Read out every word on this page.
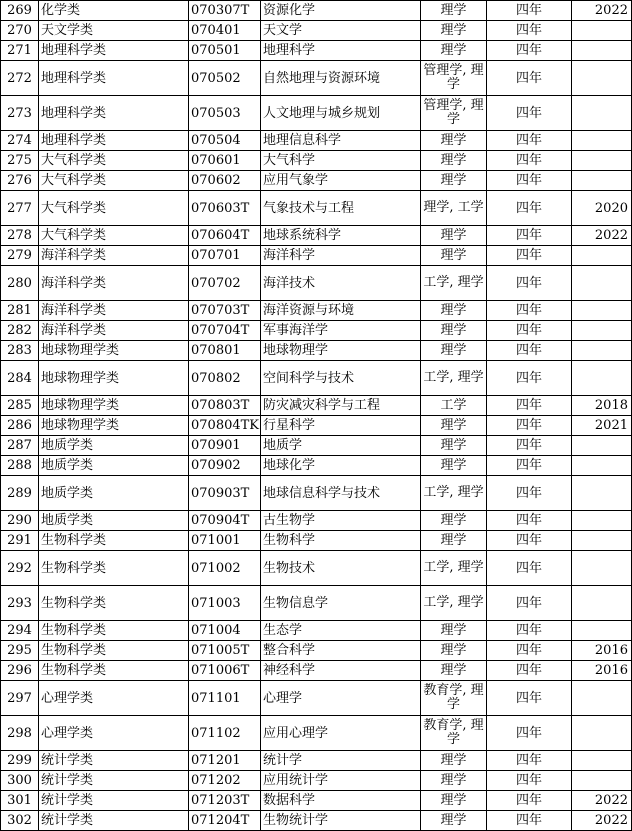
269	化学类	070307T	资源化学	理学	四年	2022
270	天文学类	070401	天文学	理学	四年	
271	地理科学类	070501	地理科学	理学	四年	
272	地理科学类	070502	自然地理与资源环境	管理学, 理学	四年	
273	地理科学类	070503	人文地理与城乡规划	管理学, 理学	四年	
274	地理科学类	070504	地理信息科学	理学	四年	
275	大气科学类	070601	大气科学	理学	四年	
276	大气科学类	070602	应用气象学	理学	四年	
277	大气科学类	070603T	气象技术与工程	理学, 工学	四年	2020
278	大气科学类	070604T	地球系统科学	理学	四年	2022
279	海洋科学类	070701	海洋科学	理学	四年	
280	海洋科学类	070702	海洋技术	工学, 理学	四年	
281	海洋科学类	070703T	海洋资源与环境	理学	四年	
282	海洋科学类	070704T	军事海洋学	理学	四年	
283	地球物理学类	070801	地球物理学	理学	四年	
284	地球物理学类	070802	空间科学与技术	工学, 理学	四年	
285	地球物理学类	070803T	防灾减灾科学与工程	工学	四年	2018
286	地球物理学类	070804TK	行星科学	理学	四年	2021
287	地质学类	070901	地质学	理学	四年	
288	地质学类	070902	地球化学	理学	四年	
289	地质学类	070903T	地球信息科学与技术	工学, 理学	四年	
290	地质学类	070904T	古生物学	理学	四年	
291	生物科学类	071001	生物科学	理学	四年	
292	生物科学类	071002	生物技术	工学, 理学	四年	
293	生物科学类	071003	生物信息学	工学, 理学	四年	
294	生物科学类	071004	生态学	理学	四年	
295	生物科学类	071005T	整合科学	理学	四年	2016
296	生物科学类	071006T	神经科学	理学	四年	2016
297	心理学类	071101	心理学	教育学, 理学	四年	
298	心理学类	071102	应用心理学	教育学, 理学	四年	
299	统计学类	071201	统计学	理学	四年	
300	统计学类	071202	应用统计学	理学	四年	
301	统计学类	071203T	数据科学	理学	四年	2022
302	统计学类	071204T	生物统计学	理学	四年	2022
